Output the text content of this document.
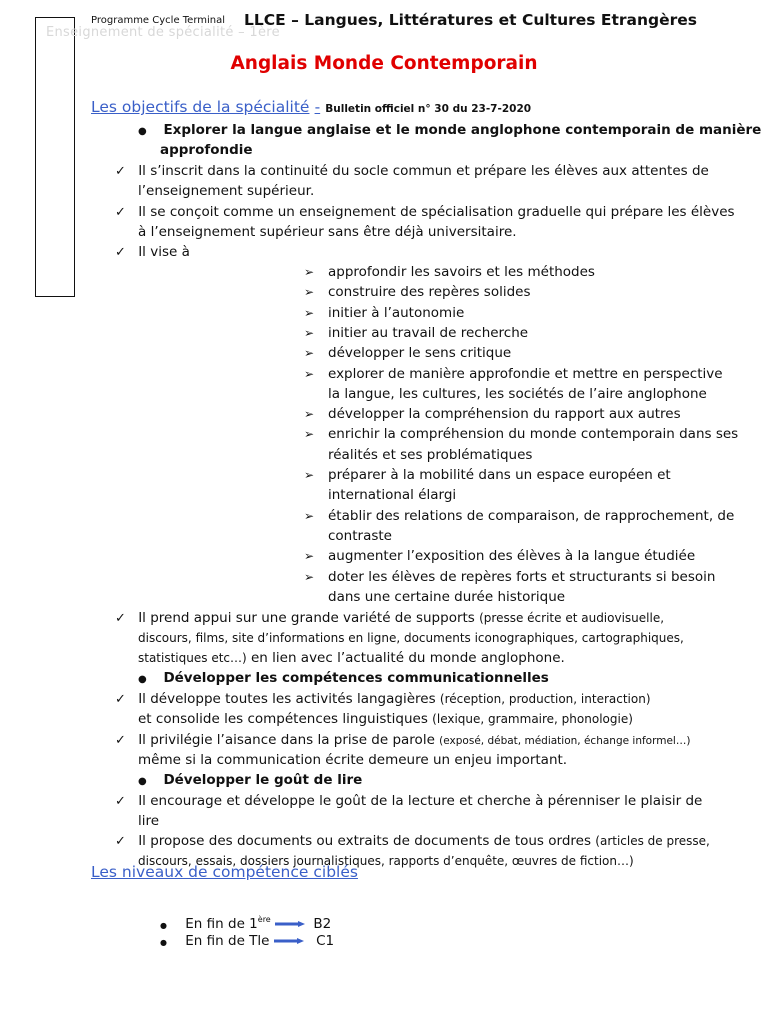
Programme Cycle Terminal LLCE – Langues, Littératures et Cultures Etrangères
Enseignement de spécialité – 1ère
Anglais Monde Contemporain
Les objectifs de la spécialité - Bulletin officiel n° 30 du 23-7-2020
● Explorer la langue anglaise et le monde anglophone contemporain de manière
approfondie
✓ Il s’inscrit dans la continuité du socle commun et prépare les élèves aux attentes de
l’enseignement supérieur.
✓ Il se conçoit comme un enseignement de spécialisation graduelle qui prépare les élèves
à l’enseignement supérieur sans être déjà universitaire.
✓ Il vise à
➢ approfondir les savoirs et les méthodes
➢ construire des repères solides
➢ initier à l’autonomie
➢ initier au travail de recherche
➢ développer le sens critique
➢ explorer de manière approfondie et mettre en perspective
la langue, les cultures, les sociétés de l’aire anglophone
➢ développer la compréhension du rapport aux autres
➢ enrichir la compréhension du monde contemporain dans ses
réalités et ses problématiques
➢ préparer à la mobilité dans un espace européen et
international élargi
➢ établir des relations de comparaison, de rapprochement, de
contraste
➢ augmenter l’exposition des élèves à la langue étudiée
➢ doter les élèves de repères forts et structurants si besoin
dans une certaine durée historique
✓ Il prend appui sur une grande variété de supports (presse écrite et audiovisuelle,
discours, films, site d’informations en ligne, documents iconographiques, cartographiques,
statistiques etc…) en lien avec l’actualité du monde anglophone.
● Développer les compétences communicationnelles
✓ Il développe toutes les activités langagières (réception, production, interaction)
et consolide les compétences linguistiques (lexique, grammaire, phonologie)
✓ Il privilégie l’aisance dans la prise de parole (exposé, débat, médiation, échange informel…)
même si la communication écrite demeure un enjeu important.
● Développer le goût de lire
✓ Il encourage et développe le goût de la lecture et cherche à pérenniser le plaisir de
lire
✓ Il propose des documents ou extraits de documents de tous ordres (articles de presse,
discours, essais, dossiers journalistiques, rapports d’enquête, œuvres de fiction…)
Les niveaux de compétence ciblés
● En fin de 1ère	B2
● En fin de Tle	C1
